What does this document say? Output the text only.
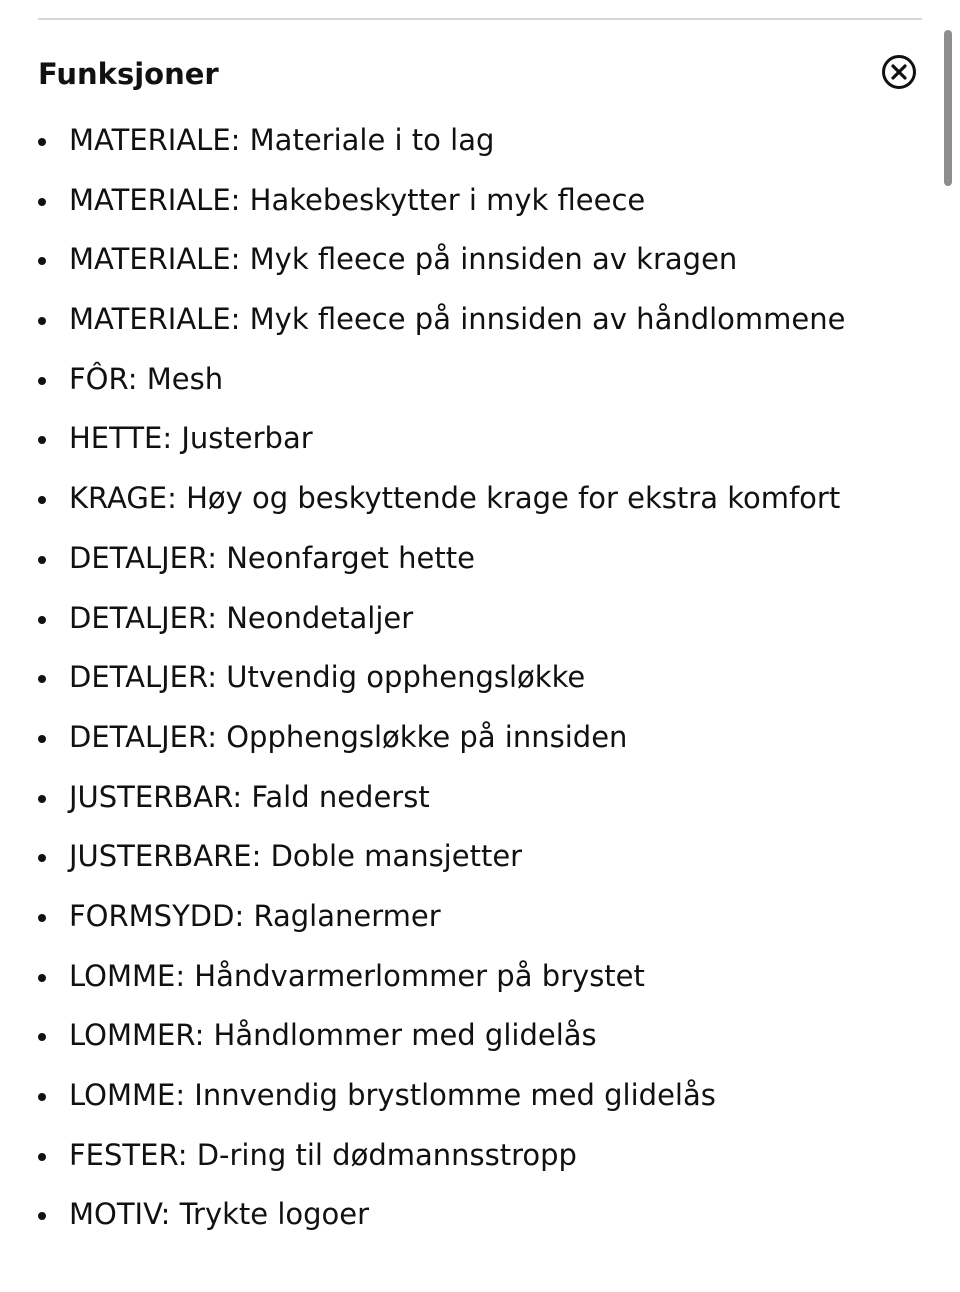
Funksjoner
MATERIALE: Materiale i to lag
MATERIALE: Hakebeskytter i myk fleece
MATERIALE: Myk fleece på innsiden av kragen
MATERIALE: Myk fleece på innsiden av håndlommene
FÔR: Mesh
HETTE: Justerbar
KRAGE: Høy og beskyttende krage for ekstra komfort
DETALJER: Neonfarget hette
DETALJER: Neondetaljer
DETALJER: Utvendig opphengsløkke
DETALJER: Opphengsløkke på innsiden
JUSTERBAR: Fald nederst
JUSTERBARE: Doble mansjetter
FORMSYDD: Raglanermer
LOMME: Håndvarmerlommer på brystet
LOMMER: Håndlommer med glidelås
LOMME: Innvendig brystlomme med glidelås
FESTER: D-ring til dødmannsstropp
MOTIV: Trykte logoer
